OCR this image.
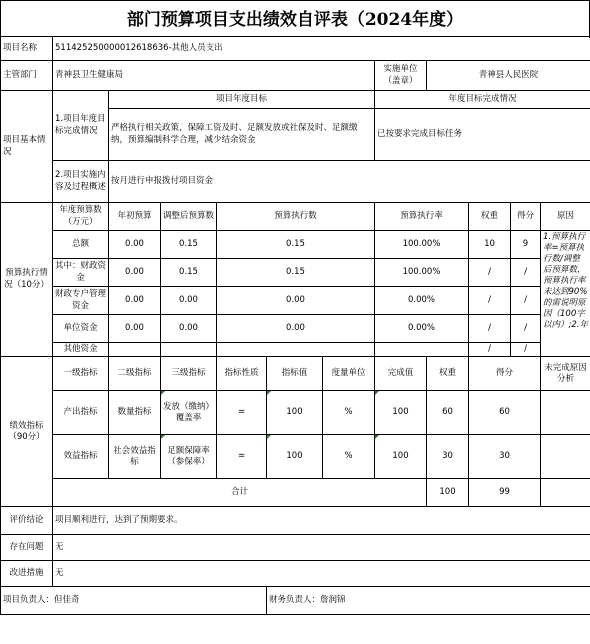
部门预算项目支出绩效自评表（2024年度）
项目名称	511425250000012618636-其他人员支出										
主管部门	青神县卫生健康局						实施单位（盖章）	青神县人民医院			
项目基本情况	1.项目年度目标完成情况	项目年度目标					年度目标完成情况				
		严格执行相关政策，保障工资及时、足额发放或社保及时、足额缴纳，预算编制科学合理，减少结余资金					已按要求完成目标任务				
	2.项目实施内容及过程概述	按月进行申报拨付项目资金									
预算执行情况（10分）	年度预算数（万元）	年初预算	调整后预算数	预算执行数			预算执行率		权重	得分	原因
	总额	0.00	0.15	0.15			100.00%		10	9	1.预算执行率=预算执行数/调整后预算数，预算执行率未达到90%的需说明原因（100字以内）;2.年
	其中：财政资金	0.00	0.15	0.15			100.00%		/	/	
	财政专户管理资金	0.00	0.00	0.00			0.00%		/	/	
	单位资金	0.00	0.00	0.00			0.00%		/	/	
	其他资金								/	/	
绩效指标（90分）	一级指标	二级指标	三级指标	指标性质	指标值	度量单位	完成值	权重	得分		未完成原因分析
	产出指标	数量指标	发放（缴纳）覆盖率	=	100	%	100	60	60		
	效益指标	社会效益指标	足额保障率（参保率）	=	100	%	100	30	30		
	合计							100	99		
评价结论	项目顺利进行，达到了预期要求。										
存在问题	无										
改进措施	无										
项目负责人：但佳奇					财务负责人：詹润锦						
